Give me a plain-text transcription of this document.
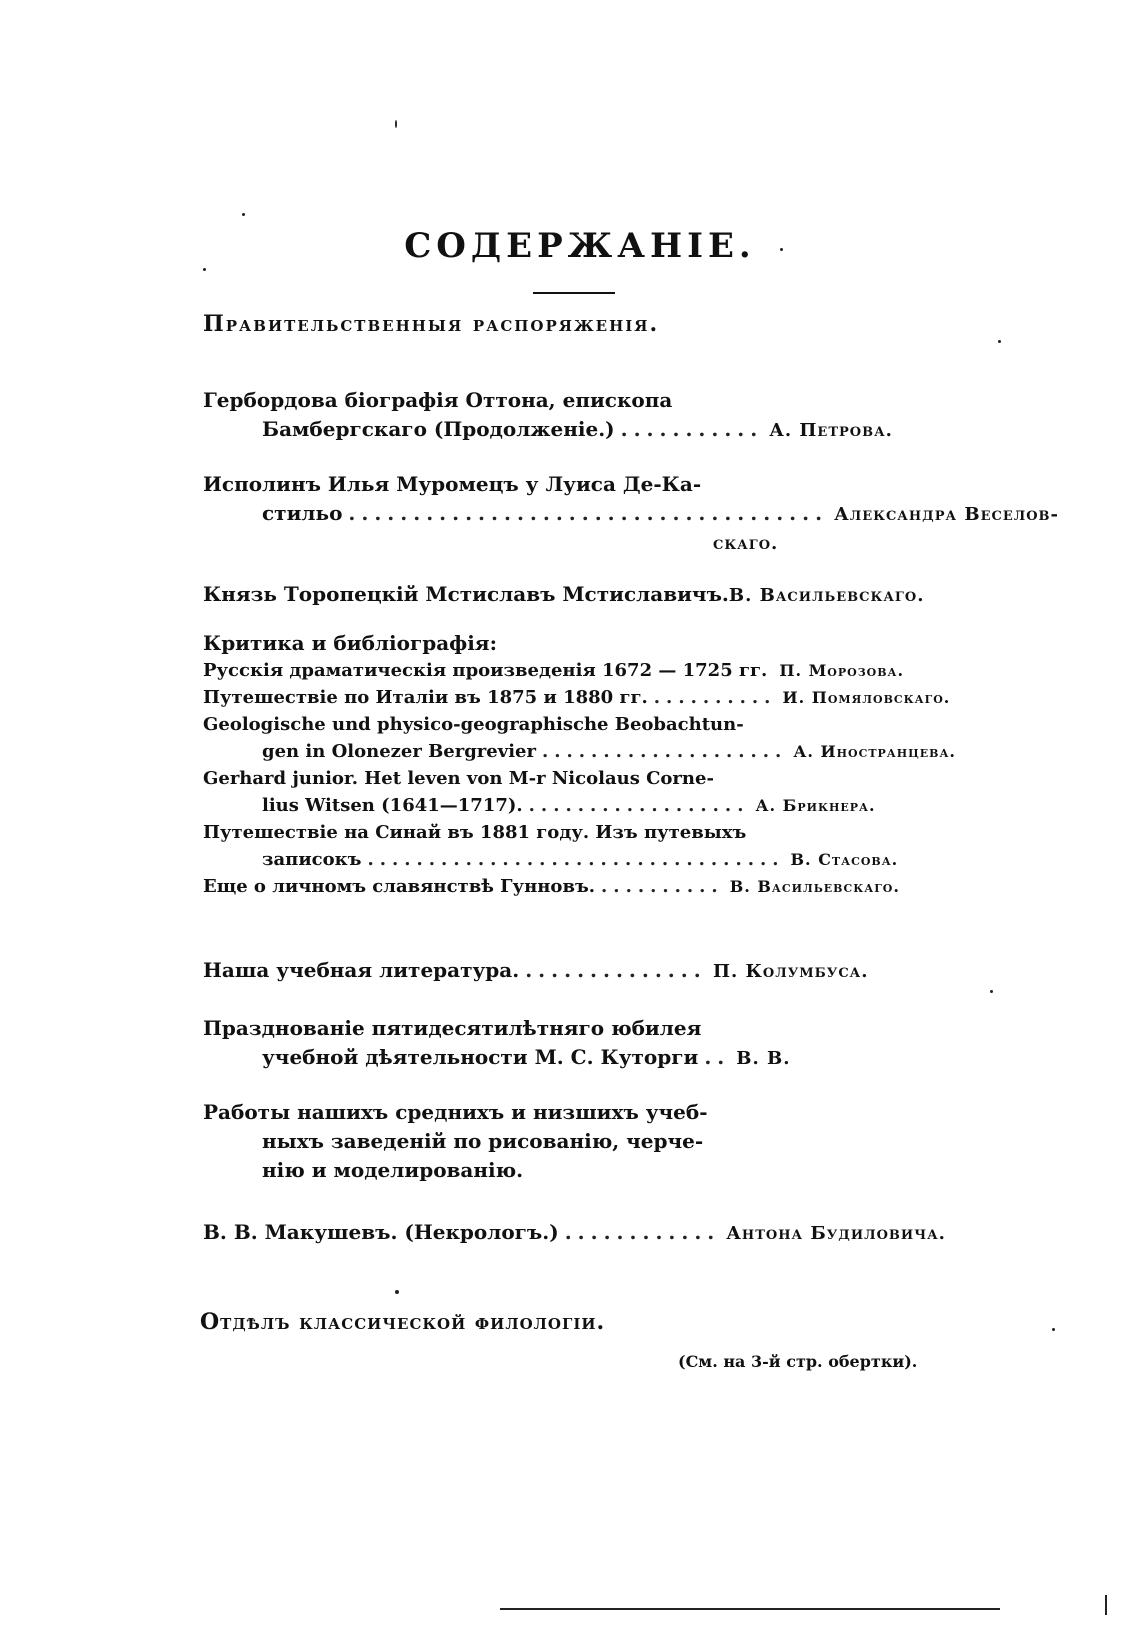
СОДЕРЖАНІЕ.
Правительственныя распоряженія.
Гербордова біографія Оттона, епископа
Бамбергскаго (Продолженіе.) ........... А. Петрова.
Исполинъ Илья Муромецъ у Луиса Де-Ка-
стильо ..................................... Александра Веселов-
скаго.
Князь Торопецкій Мстиславъ Мстиславичъ. В. Васильевскаго.
Критика и библіографія:
Русскія драматическія произведенія 1672 — 1725 гг. П. Морозова.
Путешествіе по Италіи въ 1875 и 1880 гг. .......... И. Помяловскаго.
Geologische und physico-geographische Beobachtun-
gen in Olonezer Bergrevier .................... А. Иностранцева.
Gerhard junior. Het leven von M-r Nicolaus Corne-
lius Witsen (1641—1717). .................. А. Брикнера.
Путешествіе на Синай въ 1881 году. Изъ путевыхъ
записокъ .................................. В. Стасова.
Еще о личномъ славянствѣ Гунновъ. .......... В. Васильевскаго.
Наша учебная литература. .............. П. Колумбуса.
Празднованіе пятидесятилѣтняго юбилея
учебной дѣятельности М. С. Куторги .. В. В.
Работы нашихъ среднихъ и низшихъ учеб-
ныхъ заведеній по рисованію, черче-
нію и моделированію.
В. В. Макушевъ. (Некрологъ.) ............ Антона Будиловича.
Отдѣлъ классической филологіи.
(См. на 3-й стр. обертки).
